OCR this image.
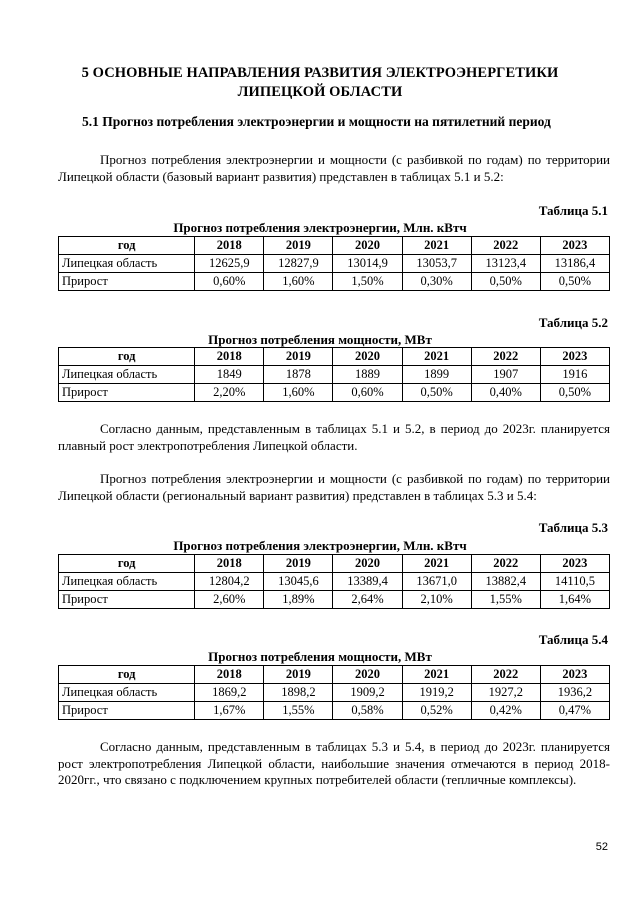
5 ОСНОВНЫЕ НАПРАВЛЕНИЯ РАЗВИТИЯ ЭЛЕКТРОЭНЕРГЕТИКИ
ЛИПЕЦКОЙ ОБЛАСТИ
5.1 Прогноз потребления электроэнергии и мощности на пятилетний период
Прогноз потребления электроэнергии и мощности (с разбивкой по годам) по территории Липецкой области (базовый вариант развития) представлен в таблицах 5.1 и 5.2:
Таблица 5.1
Прогноз потребления электроэнергии, Млн. кВтч
год	2018	2019	2020	2021	2022	2023
Липецкая область	12625,9	12827,9	13014,9	13053,7	13123,4	13186,4
Прирост	0,60%	1,60%	1,50%	0,30%	0,50%	0,50%
Таблица 5.2
Прогноз потребления мощности, МВт
год	2018	2019	2020	2021	2022	2023
Липецкая область	1849	1878	1889	1899	1907	1916
Прирост	2,20%	1,60%	0,60%	0,50%	0,40%	0,50%
Согласно данным, представленным в таблицах 5.1 и 5.2, в период до 2023г. планируется плавный рост электропотребления Липецкой области.
Прогноз потребления электроэнергии и мощности (с разбивкой по годам) по территории Липецкой области (региональный вариант развития) представлен в таблицах 5.3 и 5.4:
Таблица 5.3
Прогноз потребления электроэнергии, Млн. кВтч
год	2018	2019	2020	2021	2022	2023
Липецкая область	12804,2	13045,6	13389,4	13671,0	13882,4	14110,5
Прирост	2,60%	1,89%	2,64%	2,10%	1,55%	1,64%
Таблица 5.4
Прогноз потребления мощности, МВт
год	2018	2019	2020	2021	2022	2023
Липецкая область	1869,2	1898,2	1909,2	1919,2	1927,2	1936,2
Прирост	1,67%	1,55%	0,58%	0,52%	0,42%	0,47%
Согласно данным, представленным в таблицах 5.3 и 5.4, в период до 2023г. планируется рост электропотребления Липецкой области, наибольшие значения отмечаются в период 2018-2020гг., что связано с подключением крупных потребителей области (тепличные комплексы).
52
